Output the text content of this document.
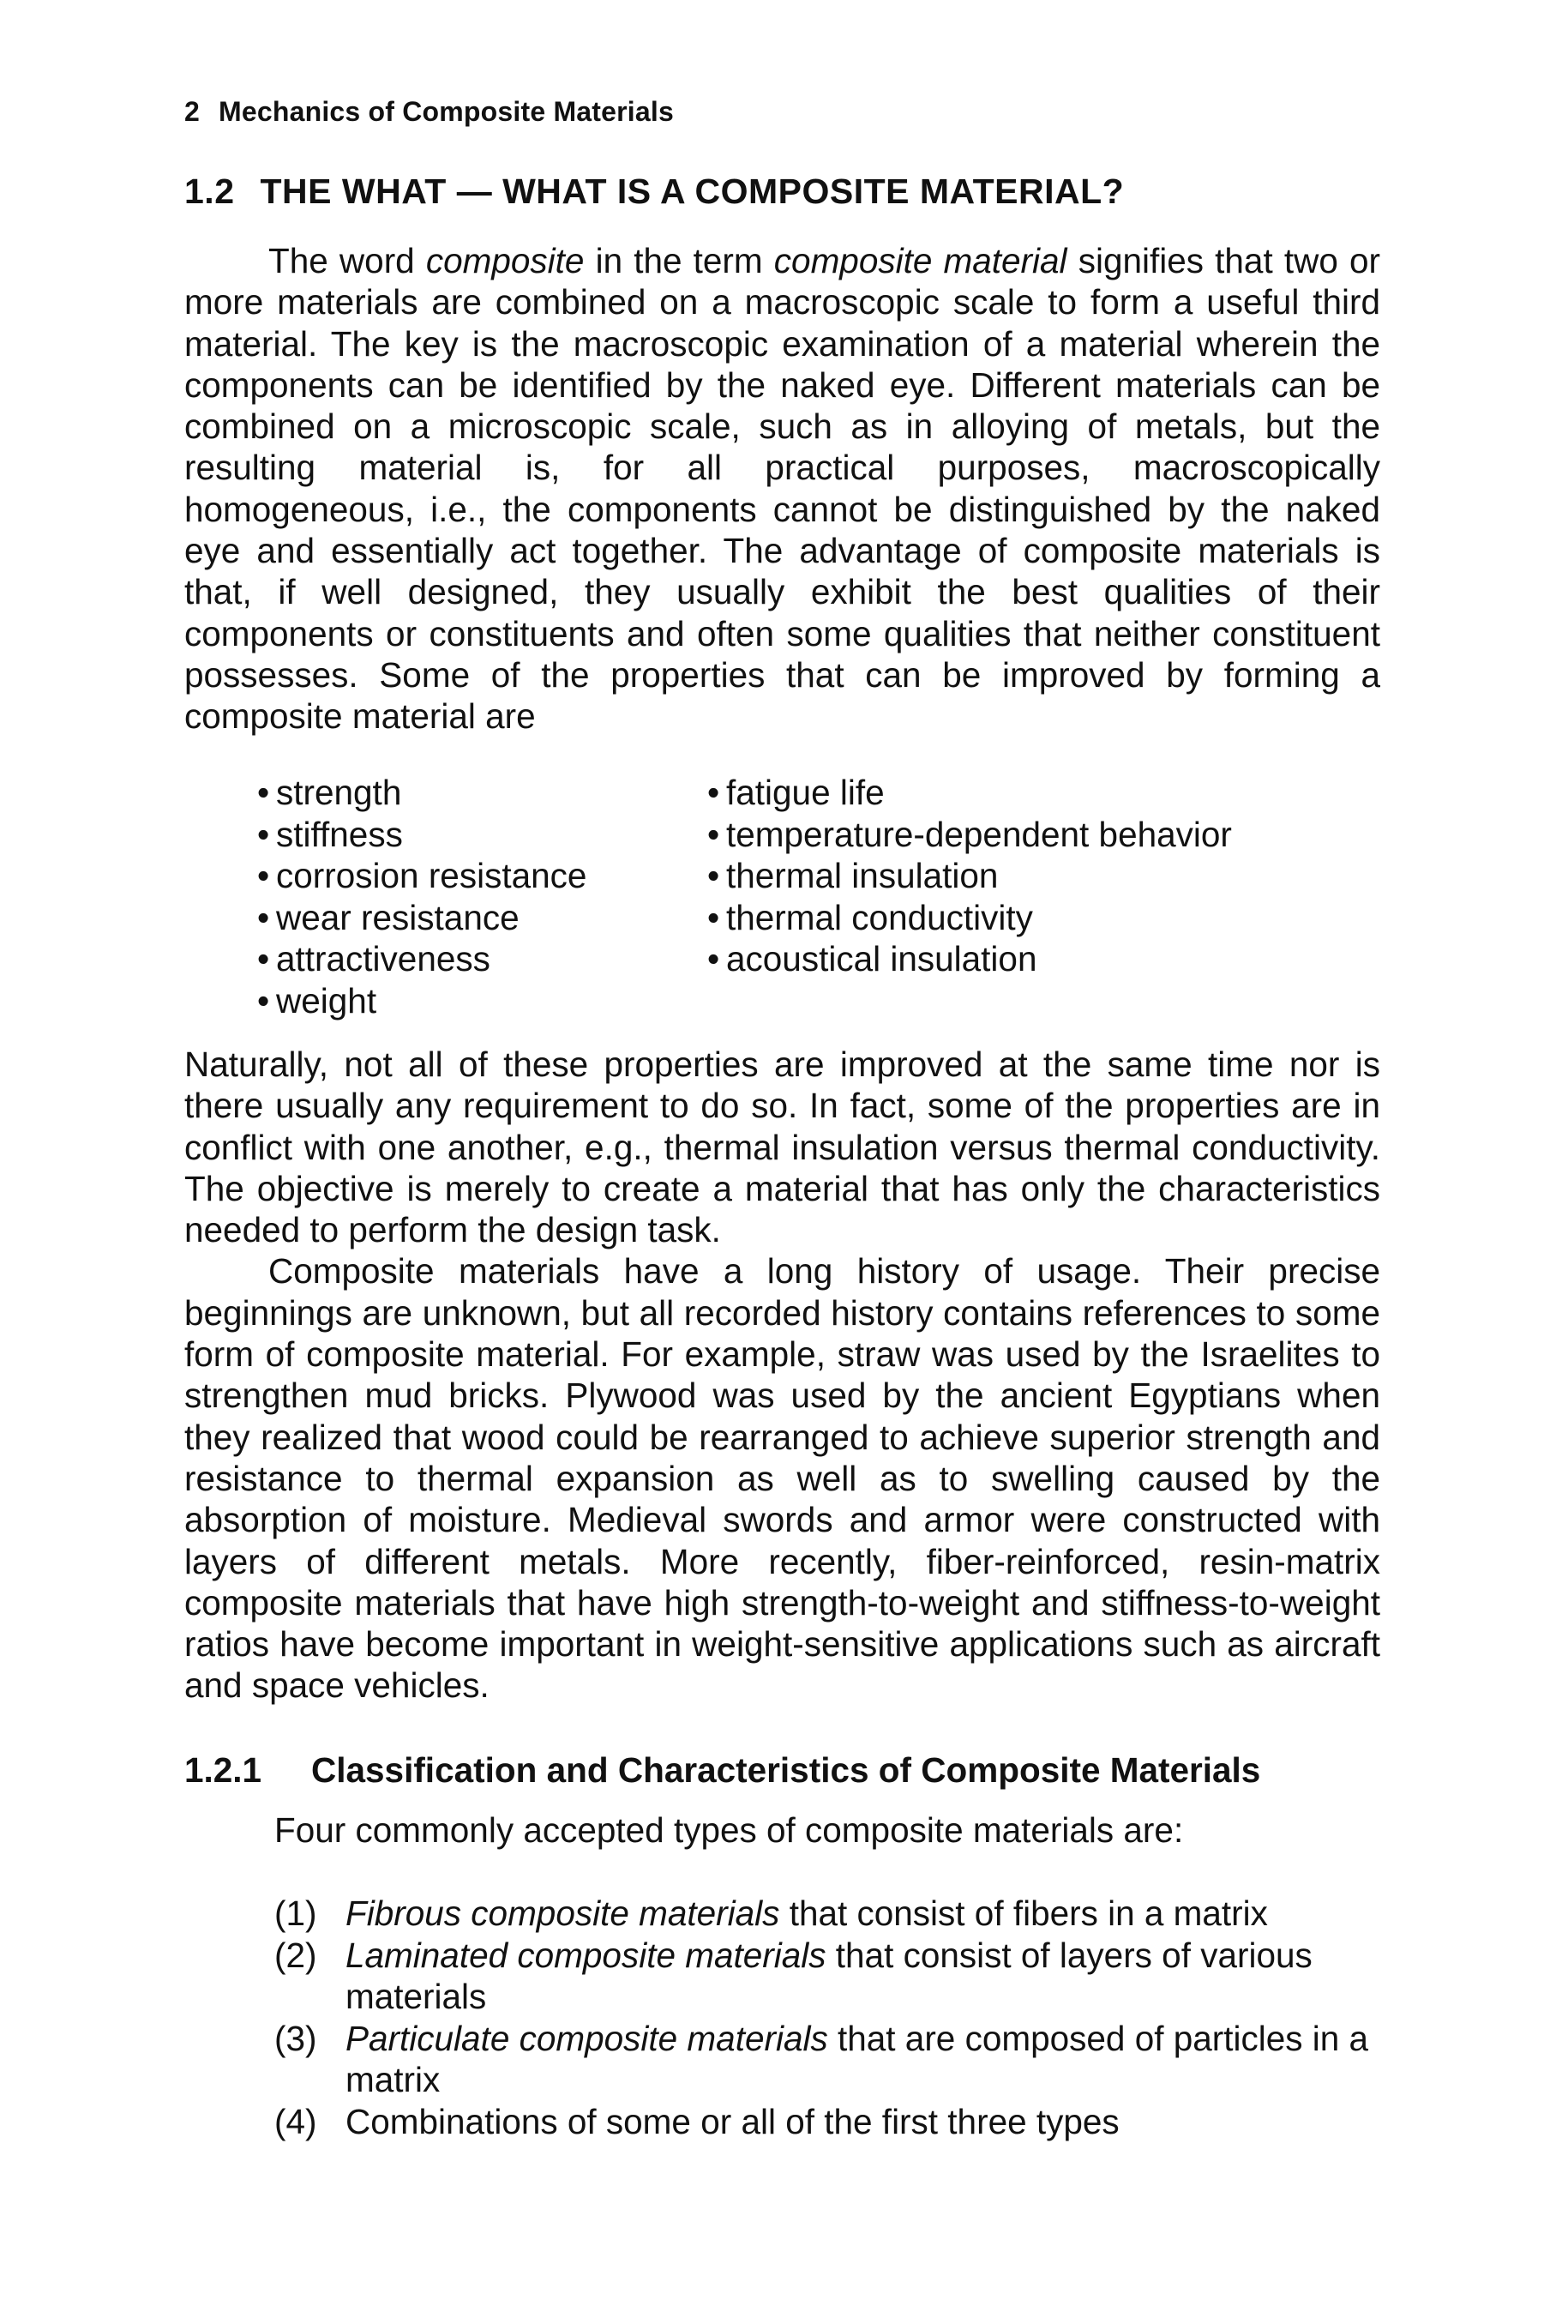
2 Mechanics of Composite Materials
1.2 THE WHAT — WHAT IS A COMPOSITE MATERIAL?

The word composite in the term composite material signifies that two or more materials are combined on a macroscopic scale to form a useful third material. The key is the macroscopic examination of a material wherein the components can be identified by the naked eye. Different materials can be combined on a microscopic scale, such as in alloying of metals, but the resulting material is, for all practical purposes, macroscopically homogeneous, i.e., the components cannot be distinguished by the naked eye and essentially act together. The advantage of composite materials is that, if well designed, they usually exhibit the best qualities of their components or constituents and often some qualities that neither constituent possesses. Some of the properties that can be improved by forming a composite material are

• strength
• stiffness
• corrosion resistance
• wear resistance
• attractiveness
• weight
• fatigue life
• temperature-dependent behavior
• thermal insulation
• thermal conductivity
• acoustical insulation

Naturally, not all of these properties are improved at the same time nor is there usually any requirement to do so. In fact, some of the properties are in conflict with one another, e.g., thermal insulation versus thermal conductivity. The objective is merely to create a material that has only the characteristics needed to perform the design task.

Composite materials have a long history of usage. Their precise beginnings are unknown, but all recorded history contains references to some form of composite material. For example, straw was used by the Israelites to strengthen mud bricks. Plywood was used by the ancient Egyptians when they realized that wood could be rearranged to achieve superior strength and resistance to thermal expansion as well as to swelling caused by the absorption of moisture. Medieval swords and armor were constructed with layers of different metals. More recently, fiber-reinforced, resin-matrix composite materials that have high strength-to-weight and stiffness-to-weight ratios have become important in weight-sensitive applications such as aircraft and space vehicles.

1.2.1 Classification and Characteristics of Composite Materials
Four commonly accepted types of composite materials are:
(1) Fibrous composite materials that consist of fibers in a matrix
(2) Laminated composite materials that consist of layers of various materials
(3) Particulate composite materials that are composed of particles in a matrix
(4) Combinations of some or all of the first three types
